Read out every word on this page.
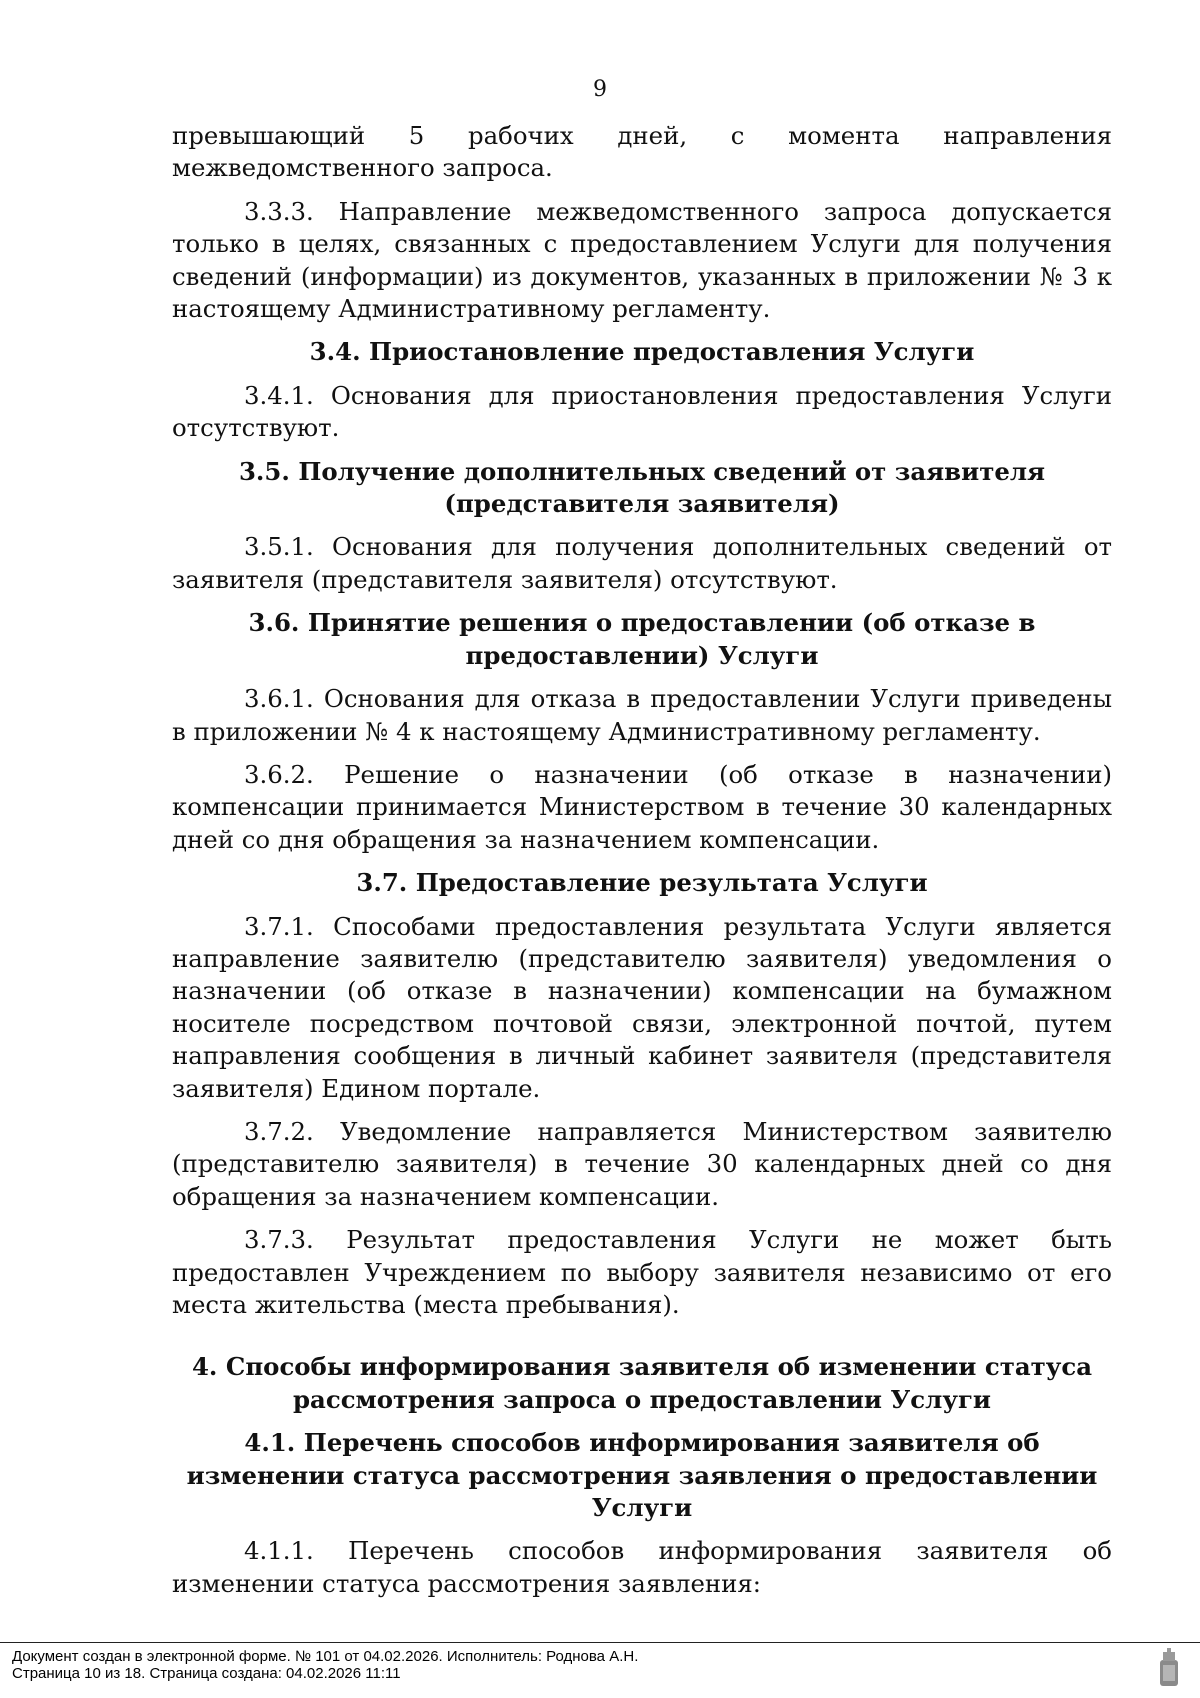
9

превышающий 5 рабочих дней, с момента направления межведомственного запроса.

3.3.3. Направление межведомственного запроса допускается только в целях, связанных с предоставлением Услуги для получения сведений (информации) из документов, указанных в приложении № 3 к настоящему Административному регламенту.

3.4. Приостановление предоставления Услуги

3.4.1. Основания для приостановления предоставления Услуги отсутствуют.

3.5. Получение дополнительных сведений от заявителя (представителя заявителя)

3.5.1. Основания для получения дополнительных сведений от заявителя (представителя заявителя) отсутствуют.

3.6. Принятие решения о предоставлении (об отказе в предоставлении) Услуги

3.6.1. Основания для отказа в предоставлении Услуги приведены в приложении № 4 к настоящему Административному регламенту.

3.6.2. Решение о назначении (об отказе в назначении) компенсации принимается Министерством в течение 30 календарных дней со дня обращения за назначением компенсации.

3.7. Предоставление результата Услуги

3.7.1. Способами предоставления результата Услуги является направление заявителю (представителю заявителя) уведомления о назначении (об отказе в назначении) компенсации на бумажном носителе посредством почтовой связи, электронной почтой, путем направления сообщения в личный кабинет заявителя (представителя заявителя) Едином портале.

3.7.2. Уведомление направляется Министерством заявителю (представителю заявителя) в течение 30 календарных дней со дня обращения за назначением компенсации.

3.7.3. Результат предоставления Услуги не может быть предоставлен Учреждением по выбору заявителя независимо от его места жительства (места пребывания).

4. Способы информирования заявителя об изменении статуса рассмотрения запроса о предоставлении Услуги
4.1. Перечень способов информирования заявителя об изменении статуса рассмотрения заявления о предоставлении Услуги

4.1.1. Перечень способов информирования заявителя об изменении статуса рассмотрения заявления:

Документ создан в электронной форме. № 101 от 04.02.2026. Исполнитель: Роднова А.Н.
Страница 10 из 18. Страница создана: 04.02.2026 11:11
